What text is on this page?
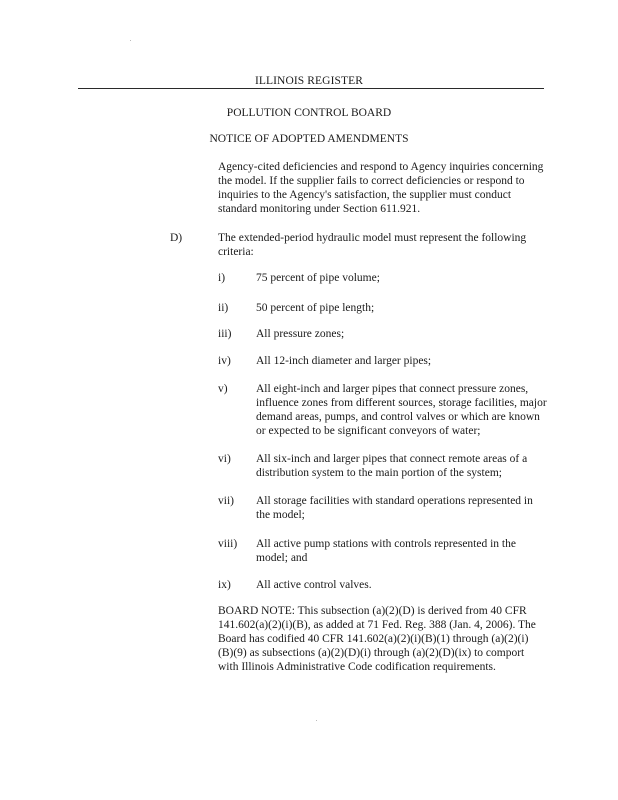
ILLINOIS REGISTER
POLLUTION CONTROL BOARD
NOTICE OF ADOPTED AMENDMENTS

Agency-cited deficiencies and respond to Agency inquiries concerning the model. If the supplier fails to correct deficiencies or respond to inquiries to the Agency's satisfaction, the supplier must conduct standard monitoring under Section 611.921.

D)	The extended-period hydraulic model must represent the following criteria:

i)	75 percent of pipe volume;

ii) 50 percent of pipe length;

iii) All pressure zones;

iv) All 12-inch diameter and larger pipes;

v) All eight-inch and larger pipes that connect pressure zones, influence zones from different sources, storage facilities, major demand areas, pumps, and control valves or which are known or expected to be significant conveyors of water;

vi) All six-inch and larger pipes that connect remote areas of a distribution system to the main portion of the system;

vii) All storage facilities with standard operations represented in the model;

viii) All active pump stations with controls represented in the model; and

ix) All active control valves.

BOARD NOTE: This subsection (a)(2)(D) is derived from 40 CFR 141.602(a)(2)(i)(B), as added at 71 Fed. Reg. 388 (Jan. 4, 2006). The Board has codified 40 CFR 141.602(a)(2)(i)(B)(1) through (a)(2)(i)(B)(9) as subsections (a)(2)(D)(i) through (a)(2)(D)(ix) to comport with Illinois Administrative Code codification requirements.
